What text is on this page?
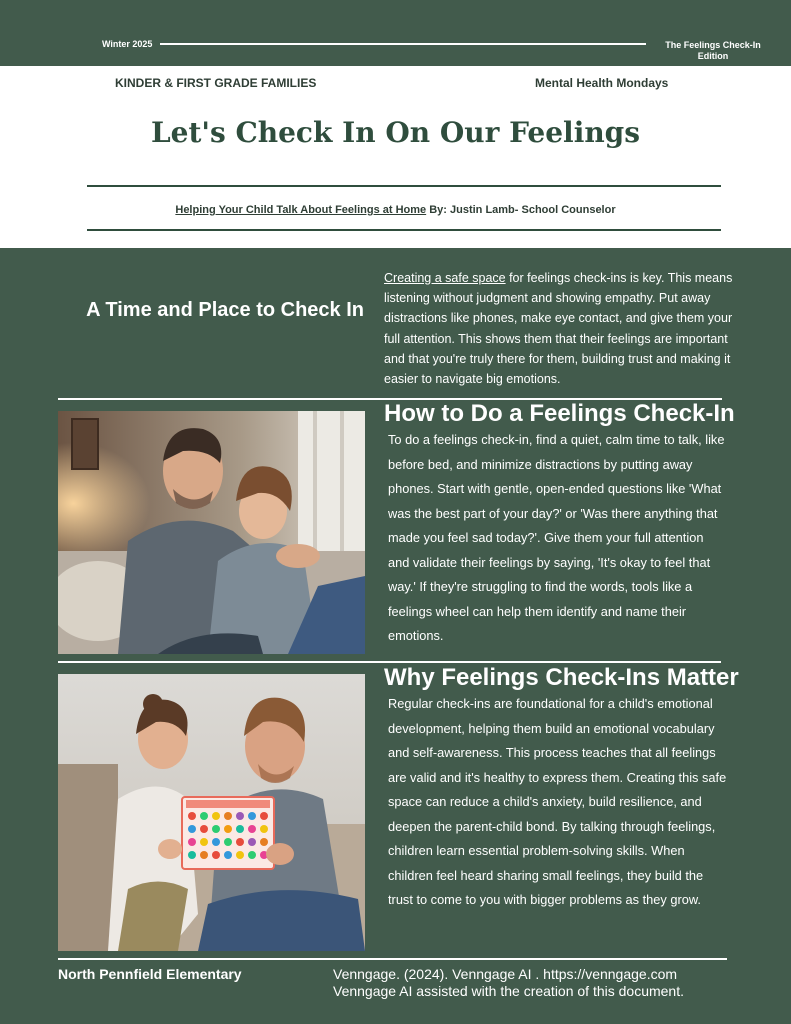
Winter 2025	The Feelings Check-In Edition
KINDER & FIRST GRADE FAMILIES	Mental Health Mondays
Let's Check In On Our Feelings

Helping Your Child Talk About Feelings at Home By: Justin Lamb- School Counselor

A Time and Place to Check In

Creating a safe space for feelings check-ins is key. This means listening without judgment and showing empathy. Put away distractions like phones, make eye contact, and give them your full attention. This shows them that their feelings are important and that you're truly there for them, building trust and making it easier to navigate big emotions.

How to Do a Feelings Check-In

To do a feelings check-in, find a quiet, calm time to talk, like before bed, and minimize distractions by putting away phones. Start with gentle, open-ended questions like 'What was the best part of your day?' or 'Was there anything that made you feel sad today?'. Give them your full attention and validate their feelings by saying, 'It's okay to feel that way.' If they're struggling to find the words, tools like a feelings wheel can help them identify and name their emotions.

Why Feelings Check-Ins Matter

Regular check-ins are foundational for a child's emotional development, helping them build an emotional vocabulary and self-awareness. This process teaches that all feelings are valid and it's healthy to express them. Creating this safe space can reduce a child's anxiety, build resilience, and deepen the parent-child bond. By talking through feelings, children learn essential problem-solving skills. When children feel heard sharing small feelings, they build the trust to come to you with bigger problems as they grow.

North Pennfield Elementary	Venngage. (2024). Venngage AI . https://venngage.com
Venngage AI assisted with the creation of this document.
